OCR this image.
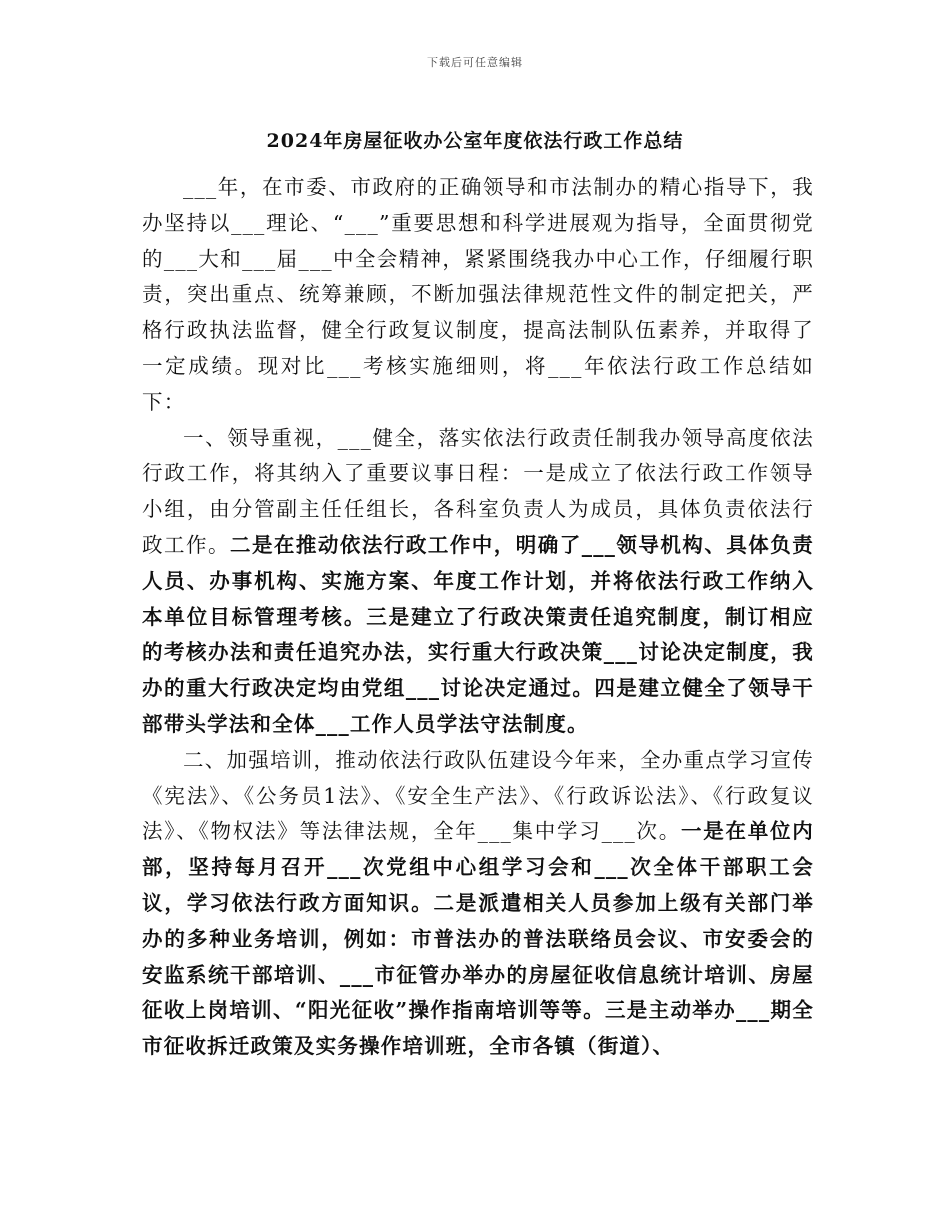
下载后可任意编辑
2024年房屋征收办公室年度依法行政工作总结

___年，在市委、市政府的正确领导和市法制办的精心指导下，我办坚持以___理论、“___”重要思想和科学进展观为指导，全面贯彻党的___大和___届___中全会精神，紧紧围绕我办中心工作，仔细履行职责，突出重点、统筹兼顾，不断加强法律规范性文件的制定把关，严格行政执法监督，健全行政复议制度，提高法制队伍素养，并取得了一定成绩。现对比___考核实施细则，将___年依法行政工作总结如下：

一、领导重视，___健全，落实依法行政责任制我办领导高度依法行政工作，将其纳入了重要议事日程：一是成立了依法行政工作领导小组，由分管副主任任组长，各科室负责人为成员，具体负责依法行政工作。二是在推动依法行政工作中，明确了___领导机构、具体负责人员、办事机构、实施方案、年度工作计划，并将依法行政工作纳入本单位目标管理考核。三是建立了行政决策责任追究制度，制订相应的考核办法和责任追究办法，实行重大行政决策___讨论决定制度，我办的重大行政决定均由党组___讨论决定通过。四是建立健全了领导干部带头学法和全体___工作人员学法守法制度。

二、加强培训，推动依法行政队伍建设今年来，全办重点学习宣传《宪法》、《公务员1法》、《安全生产法》、《行政诉讼法》、《行政复议法》、《物权法》等法律法规，全年___集中学习___次。一是在单位内部，坚持每月召开___次党组中心组学习会和___次全体干部职工会议，学习依法行政方面知识。二是派遣相关人员参加上级有关部门举办的多种业务培训，例如：市普法办的普法联络员会议、市安委会的安监系统干部培训、___市征管办举办的房屋征收信息统计培训、房屋征收上岗培训、“阳光征收”操作指南培训等等。三是主动举办___期全市征收拆迁政策及实务操作培训班，全市各镇（街道）、
